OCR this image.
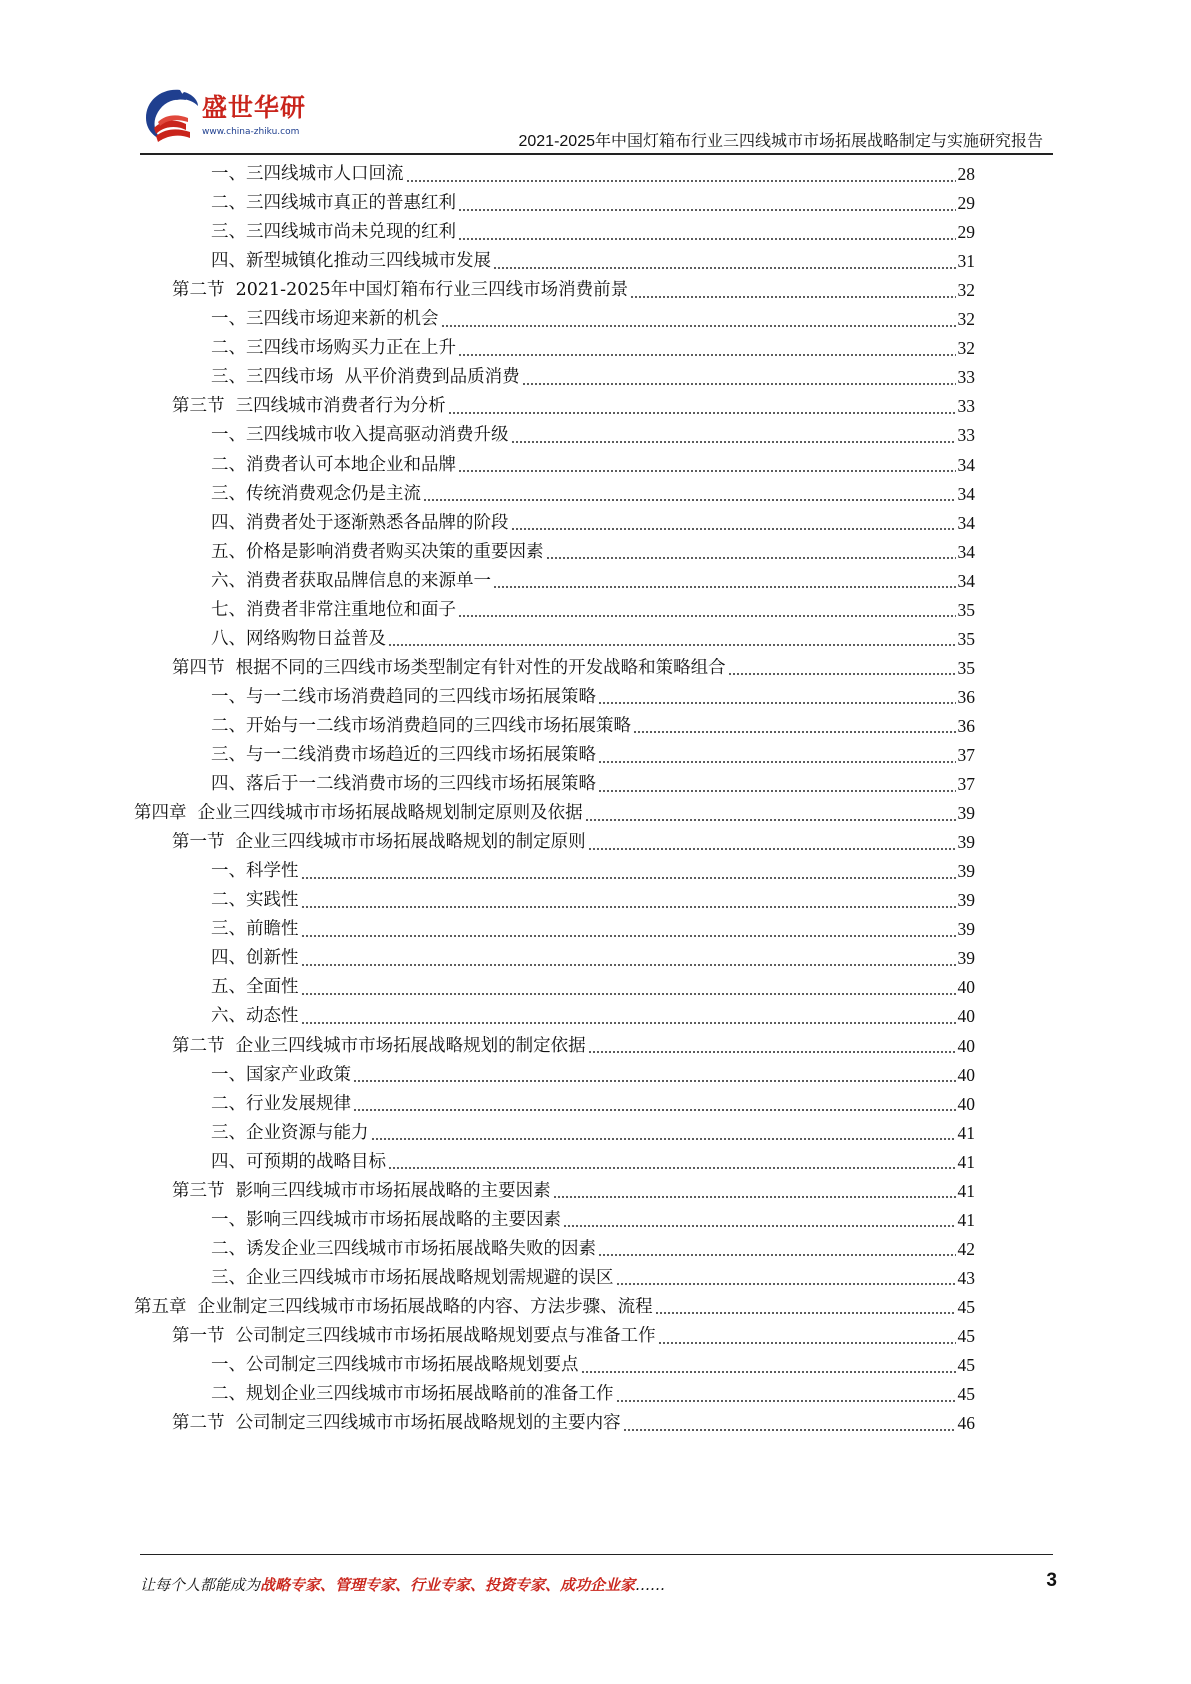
盛世华研
www.china-zhiku.com
2021-2025年中国灯箱布行业三四线城市市场拓展战略制定与实施研究报告
一、三四线城市人口回流	28
二、三四线城市真正的普惠红利	29
三、三四线城市尚未兑现的红利	29
四、新型城镇化推动三四线城市发展	31
第二节  2021-2025年中国灯箱布行业三四线市场消费前景	32
一、三四线市场迎来新的机会	32
二、三四线市场购买力正在上升	32
三、三四线市场  从平价消费到品质消费	33
第三节  三四线城市消费者行为分析	33
一、三四线城市收入提高驱动消费升级	33
二、消费者认可本地企业和品牌	34
三、传统消费观念仍是主流	34
四、消费者处于逐渐熟悉各品牌的阶段	34
五、价格是影响消费者购买决策的重要因素	34
六、消费者获取品牌信息的来源单一	34
七、消费者非常注重地位和面子	35
八、网络购物日益普及	35
第四节  根据不同的三四线市场类型制定有针对性的开发战略和策略组合	35
一、与一二线市场消费趋同的三四线市场拓展策略	36
二、开始与一二线市场消费趋同的三四线市场拓展策略	36
三、与一二线消费市场趋近的三四线市场拓展策略	37
四、落后于一二线消费市场的三四线市场拓展策略	37
第四章  企业三四线城市市场拓展战略规划制定原则及依据	39
第一节  企业三四线城市市场拓展战略规划的制定原则	39
一、科学性	39
二、实践性	39
三、前瞻性	39
四、创新性	39
五、全面性	40
六、动态性	40
第二节  企业三四线城市市场拓展战略规划的制定依据	40
一、国家产业政策	40
二、行业发展规律	40
三、企业资源与能力	41
四、可预期的战略目标	41
第三节  影响三四线城市市场拓展战略的主要因素	41
一、影响三四线城市市场拓展战略的主要因素	41
二、诱发企业三四线城市市场拓展战略失败的因素	42
三、企业三四线城市市场拓展战略规划需规避的误区	43
第五章  企业制定三四线城市市场拓展战略的内容、方法步骤、流程	45
第一节  公司制定三四线城市市场拓展战略规划要点与准备工作	45
一、公司制定三四线城市市场拓展战略规划要点	45
二、规划企业三四线城市市场拓展战略前的准备工作	45
第二节  公司制定三四线城市市场拓展战略规划的主要内容	46
让每个人都能成为战略专家、管理专家、行业专家、投资专家、成功企业家……	3
